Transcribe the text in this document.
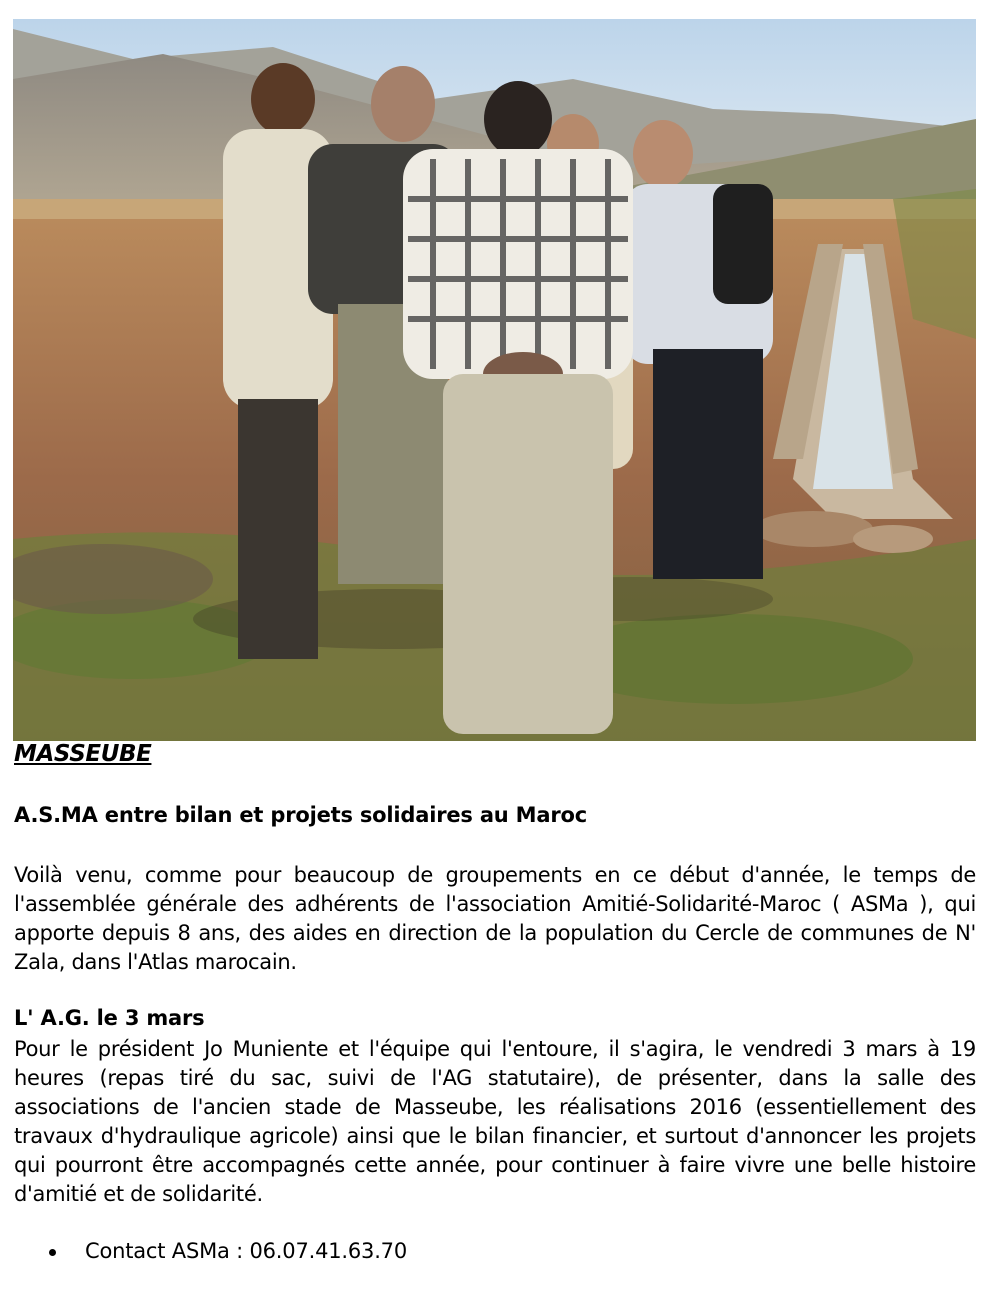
MASSEUBE
A.S.MA entre bilan et projets solidaires au Maroc

Voilà venu, comme pour beaucoup de groupements en ce début d'année, le temps de l'assemblée générale des adhérents de l'association Amitié-Solidarité-Maroc ( ASMa ), qui apporte depuis 8 ans, des aides en direction de la population du Cercle de communes de N' Zala, dans l'Atlas marocain.

L' A.G. le 3 mars

Pour le président Jo Muniente et l'équipe qui l'entoure, il s'agira, le vendredi 3 mars à 19 heures (repas tiré du sac, suivi de l'AG statutaire), de présenter, dans la salle des associations de l'ancien stade de Masseube, les réalisations 2016 (essentiellement des travaux d'hydraulique agricole) ainsi que le bilan financier, et surtout d'annoncer les projets qui pourront être accompagnés cette année, pour continuer à faire vivre une belle histoire d'amitié et de solidarité.

Contact ASMa : 06.07.41.63.70
